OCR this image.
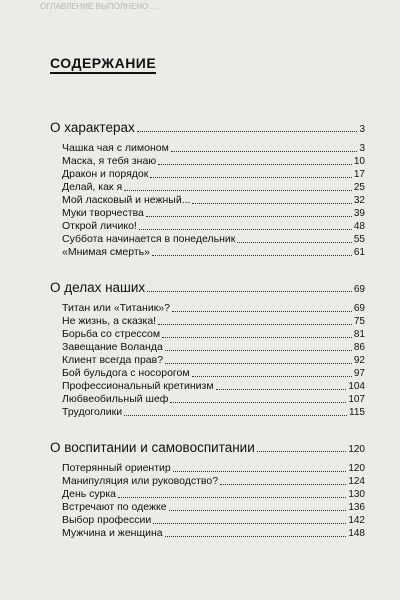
ОГЛАВЛЕНИЕ ВЫПОЛНЕНО ...
СОДЕРЖАНИЕ
О характерах	3
Чашка чая с лимоном	3
Маска, я тебя знаю	10
Дракон и порядок	17
Делай, как я	25
Мой ласковый и нежный...	32
Муки творчества	39
Открой личико!	48
Суббота начинается в понедельник	55
«Мнимая смерть»	61
О делах наших	69
Титан или «Титаник»?	69
Не жизнь, а сказка!	75
Борьба со стрессом	81
Завещание Воланда	86
Клиент всегда прав?	92
Бой бульдога с носорогом	97
Профессиональный кретинизм	104
Любвеобильный шеф	107
Трудоголики	115
О воспитании и самовоспитании	120
Потерянный ориентир	120
Манипуляция или руководство?	124
День сурка	130
Встречают по одежке	136
Выбор профессии	142
Мужчина и женщина	148
